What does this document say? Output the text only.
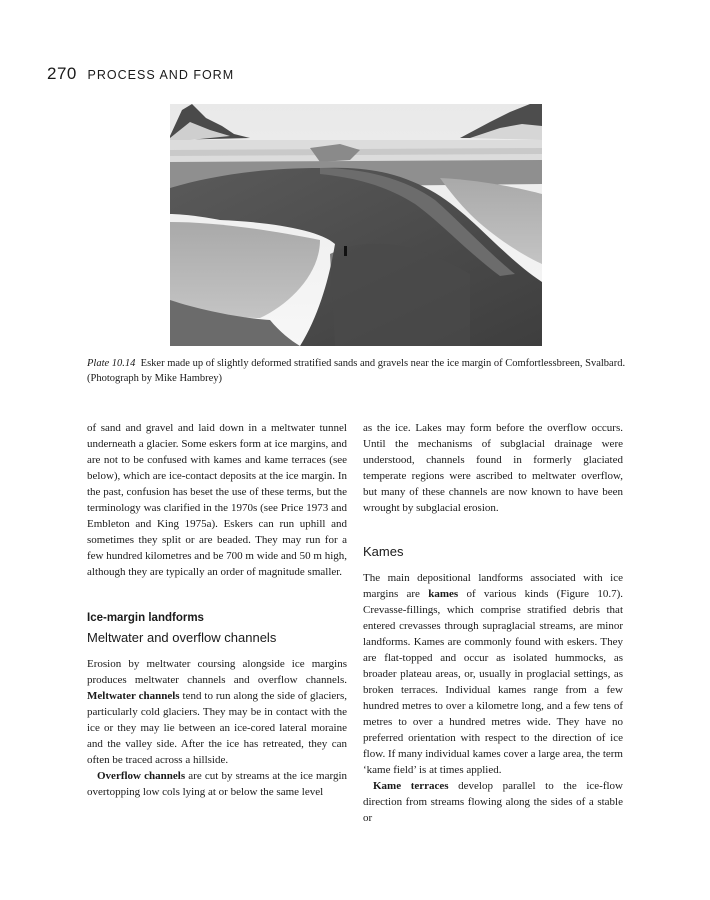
270 PROCESS AND FORM
Plate 10.14 Esker made up of slightly deformed stratified sands and gravels near the ice margin of Comfortlessbreen, Svalbard.
(Photograph by Mike Hambrey)

of sand and gravel and laid down in a meltwater tunnel underneath a glacier. Some eskers form at ice margins, and are not to be confused with kames and kame terraces (see below), which are ice-contact deposits at the ice margin. In the past, confusion has beset the use of these terms, but the terminology was clarified in the 1970s (see Price 1973 and Embleton and King 1975a). Eskers can run uphill and sometimes they split or are beaded. They may run for a few hundred kilometres and be 700 m wide and 50 m high, although they are typically an order of magnitude smaller.

Ice-margin landforms
Meltwater and overflow channels

Erosion by meltwater coursing alongside ice margins produces meltwater channels and overflow channels. Meltwater channels tend to run along the side of glaciers, particularly cold glaciers. They may be in contact with the ice or they may lie between an ice-cored lateral moraine and the valley side. After the ice has retreated, they can often be traced across a hillside.

Overflow channels are cut by streams at the ice margin overtopping low cols lying at or below the same level

as the ice. Lakes may form before the overflow occurs. Until the mechanisms of subglacial drainage were understood, channels found in formerly glaciated temperate regions were ascribed to meltwater overflow, but many of these channels are now known to have been wrought by subglacial erosion.

Kames

The main depositional landforms associated with ice margins are kames of various kinds (Figure 10.7). Crevasse-fillings, which comprise stratified debris that entered crevasses through supraglacial streams, are minor landforms. Kames are commonly found with eskers. They are flat-topped and occur as isolated hummocks, as broader plateau areas, or, usually in proglacial settings, as broken terraces. Individual kames range from a few hundred metres to over a kilometre long, and a few tens of metres to over a hundred metres wide. They have no preferred orientation with respect to the direction of ice flow. If many individual kames cover a large area, the term ‘kame field’ is at times applied.

Kame terraces develop parallel to the ice-flow direction from streams flowing along the sides of a stable or
